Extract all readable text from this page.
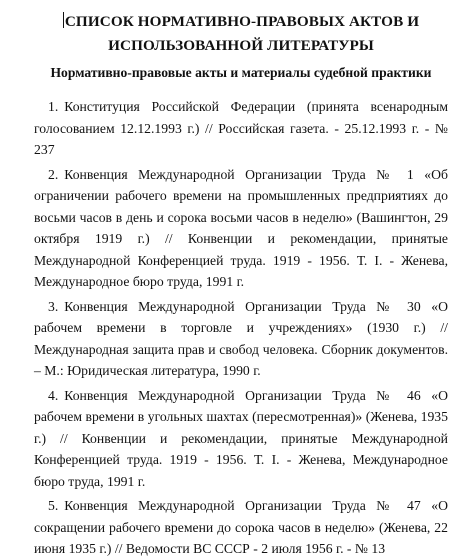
СПИСОК НОРМАТИВНО-ПРАВОВЫХ АКТОВ И
ИСПОЛЬЗОВАННОЙ ЛИТЕРАТУРЫ
Нормативно-правовые акты и материалы судебной практики
1. Конституция Российской Федерации (принята всенародным голосованием 12.12.1993 г.) // Российская газета. - 25.12.1993 г. - № 237
2. Конвенция Международной Организации Труда № 1 «Об ограничении рабочего времени на промышленных предприятиях до восьми часов в день и сорока восьми часов в неделю» (Вашингтон, 29 октября 1919 г.) // Конвенции и рекомендации, принятые Международной Конференцией труда. 1919 - 1956. Т. I. - Женева, Международное бюро труда, 1991 г.
3. Конвенция Международной Организации Труда № 30 «О рабочем времени в торговле и учреждениях» (1930 г.) // Международная защита прав и свобод человека. Сборник документов. – М.: Юридическая литература, 1990 г.
4. Конвенция Международной Организации Труда № 46 «О рабочем времени в угольных шахтах (пересмотренная)» (Женева, 1935 г.) // Конвенции и рекомендации, принятые Международной Конференцией труда. 1919 - 1956. Т. I. - Женева, Международное бюро труда, 1991 г.
5. Конвенция Международной Организации Труда № 47 «О сокращении рабочего времени до сорока часов в неделю» (Женева, 22 июня 1935 г.) // Ведомости ВС СССР - 2 июля 1956 г. - № 13
